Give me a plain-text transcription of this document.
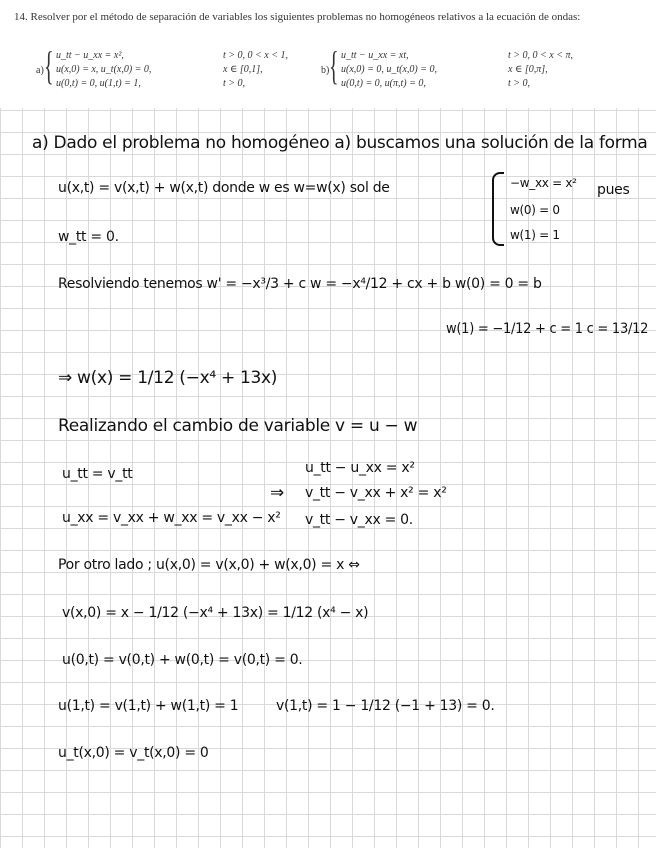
14. Resolver por el método de separación de variables los siguientes problemas no homogéneos relativos a la ecuación de ondas:
a) { u_tt − u_xx = x²,	t > 0, 0 < x < 1,
u(x,0) = x, u_t(x,0) = 0,	x ∈ [0,1],
u(0,t) = 0, u(1,t) = 1,	t > 0,
b) { u_tt − u_xx = xt,	t > 0, 0 < x < π,
u(x,0) = 0, u_t(x,0) = 0,	x ∈ [0,π],
u(0,t) = 0, u(π,t) = 0,	t > 0,
a) Dado el problema no homogéneo a) buscamos una solución de la forma
u(x,t) = v(x,t) + w(x,t) donde w es w=w(x) sol de	−w_xx = x²
w(0) = 0
w(1) = 1
pues
w_tt = 0.
Resolviendo tenemos w' = −x³/3 + c w = −x⁴/12 + cx + b w(0) = 0 = b
w(1) = −1/12 + c = 1 c = 13/12
⇒ w(x) = 1/12 (−x⁴ + 13x)
Realizando el cambio de variable v = u − w
u_tt = v_tt	u_tt − u_xx = x²
⇒ v_tt − v_xx + x² = x²
u_xx = v_xx + w_xx = v_xx − x² v_tt − v_xx = 0.
Por otro lado ; u(x,0) = v(x,0) + w(x,0) = x ⇔
v(x,0) = x − 1/12 (−x⁴ + 13x) = 1/12 (x⁴ − x)
u(0,t) = v(0,t) + w(0,t) = v(0,t) = 0.
u(1,t) = v(1,t) + w(1,t) = 1	v(1,t) = 1 − 1/12 (−1 + 13) = 0.
u_t(x,0) = v_t(x,0) = 0
